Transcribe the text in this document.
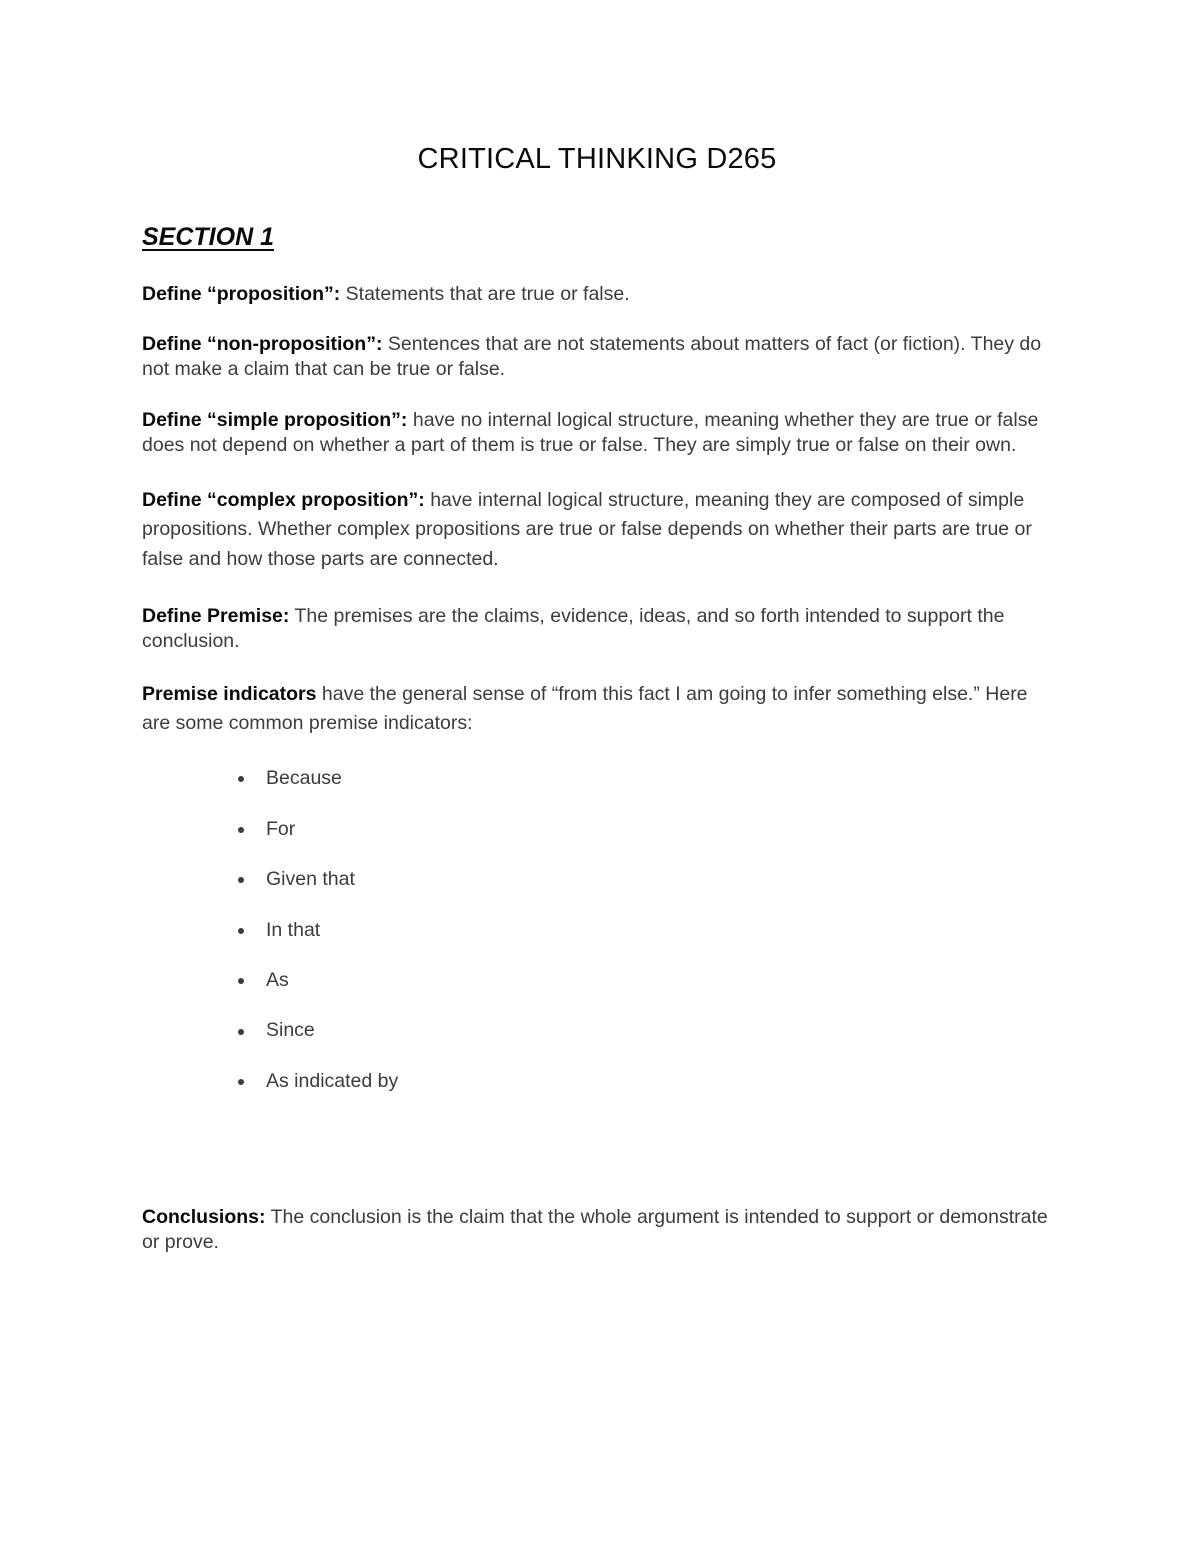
CRITICAL THINKING D265
SECTION 1

Define “proposition”: Statements that are true or false.

Define “non-proposition”: Sentences that are not statements about matters of fact (or fiction). They do not make a claim that can be true or false.

Define “simple proposition”: have no internal logical structure, meaning whether they are true or false does not depend on whether a part of them is true or false. They are simply true or false on their own.

Define “complex proposition”: have internal logical structure, meaning they are composed of simple propositions. Whether complex propositions are true or false depends on whether their parts are true or false and how those parts are connected.

Define Premise: The premises are the claims, evidence, ideas, and so forth intended to support the conclusion.

Premise indicators have the general sense of “from this fact I am going to infer something else.” Here are some common premise indicators:

Because
For
Given that
In that
As
Since
As indicated by

Conclusions: The conclusion is the claim that the whole argument is intended to support or demonstrate or prove.
